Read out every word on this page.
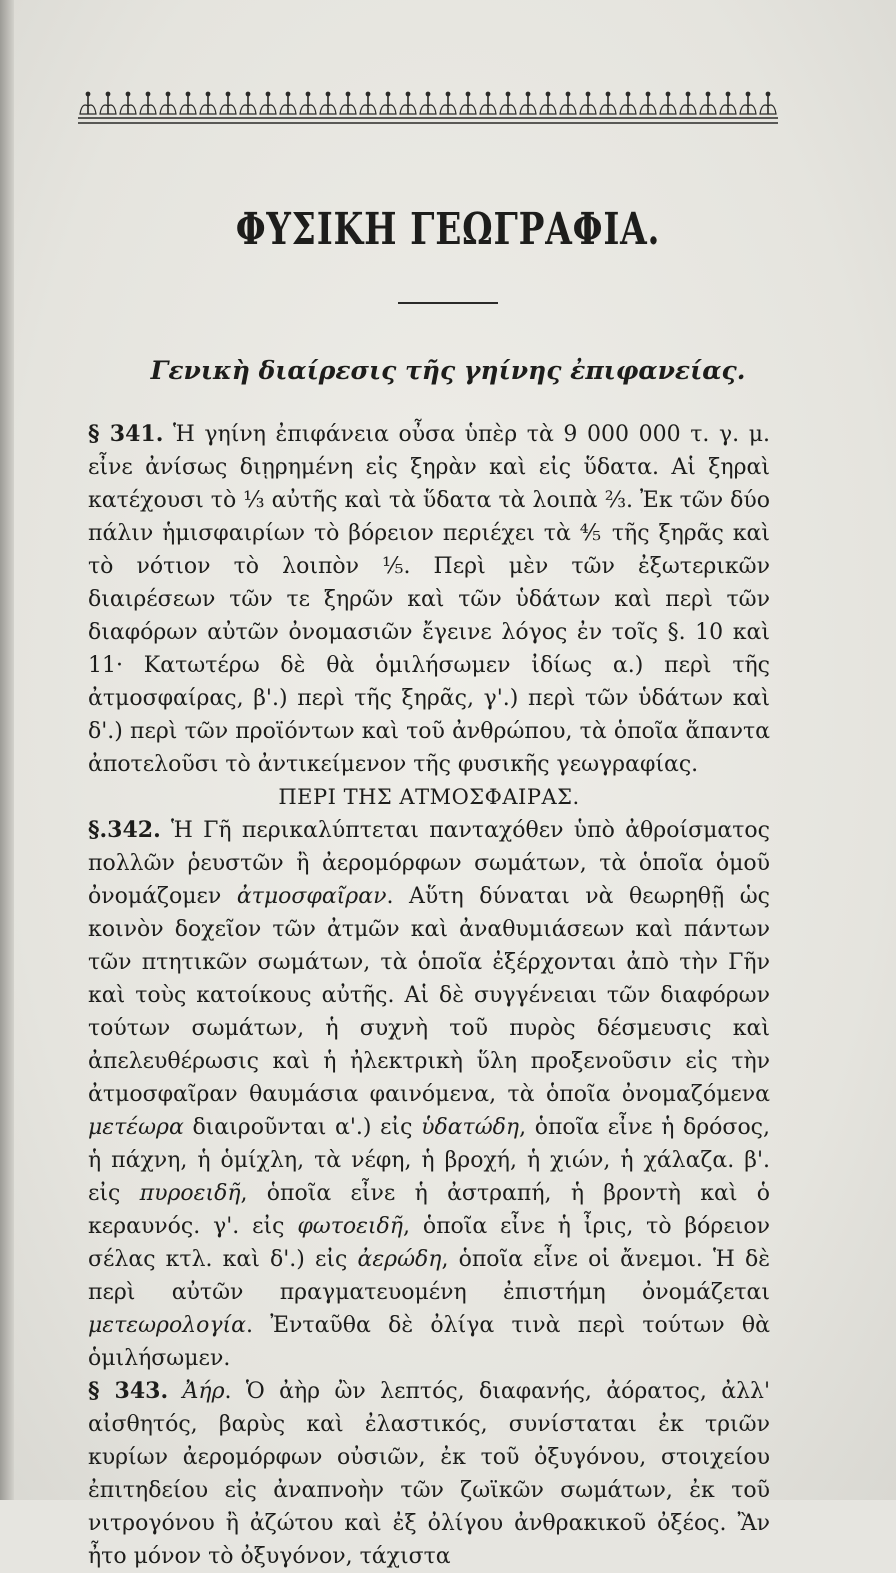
ΦΥΣΙΚΗ ΓΕΩΓΡΑΦΙΑ.
Γενικὴ διαίρεσις τῆς γηίνης ἐπιφανείας.

§ 341. Ἡ γηίνη ἐπιφάνεια οὖσα ὑπὲρ τὰ 9 000 000 τ. γ. μ. εἶνε ἀνίσως διῃρημένη εἰς ξηρὰν καὶ εἰς ὕδατα. Αἱ ξηραὶ κατέχουσι τὸ ⅓ αὐτῆς καὶ τὰ ὕδατα τὰ λοιπὰ ⅔. Ἐκ τῶν δύο πάλιν ἡμισφαιρίων τὸ βόρειον περιέχει τὰ ⅘ τῆς ξηρᾶς καὶ τὸ νότιον τὸ λοιπὸν ⅕. Περὶ μὲν τῶν ἐξωτερικῶν διαιρέσεων τῶν τε ξηρῶν καὶ τῶν ὑδάτων καὶ περὶ τῶν διαφόρων αὐτῶν ὀνομασιῶν ἔγεινε λόγος ἐν τοῖς §. 10 καὶ 11· Κατωτέρω δὲ θὰ ὁμιλήσωμεν ἰδίως α.) περὶ τῆς ἀτμοσφαίρας, β'.) περὶ τῆς ξηρᾶς, γ'.) περὶ τῶν ὑδάτων καὶ δ'.) περὶ τῶν προϊόντων καὶ τοῦ ἀνθρώπου, τὰ ὁποῖα ἅπαντα ἀποτελοῦσι τὸ ἀντικείμενον τῆς φυσικῆς γεωγραφίας.

ΠΕΡΙ ΤΗΣ ΑΤΜΟΣΦΑΙΡΑΣ.

§.342. Ἡ Γῆ περικαλύπτεται πανταχόθεν ὑπὸ ἀθροίσματος πολλῶν ῥευστῶν ἢ ἀερομόρφων σωμάτων, τὰ ὁποῖα ὁμοῦ ὀνομάζομεν ἀτμοσφαῖραν. Αὕτη δύναται νὰ θεωρηθῇ ὡς κοινὸν δοχεῖον τῶν ἀτμῶν καὶ ἀναθυμιάσεων καὶ πάντων τῶν πτητικῶν σωμάτων, τὰ ὁποῖα ἐξέρχονται ἀπὸ τὴν Γῆν καὶ τοὺς κατοίκους αὐτῆς. Αἱ δὲ συγγένειαι τῶν διαφόρων τούτων σωμάτων, ἡ συχνὴ τοῦ πυρὸς δέσμευσις καὶ ἀπελευθέρωσις καὶ ἡ ἠλεκτρικὴ ὕλη προξενοῦσιν εἰς τὴν ἀτμοσφαῖραν θαυμάσια φαινόμενα, τὰ ὁποῖα ὀνομαζόμενα μετέωρα διαιροῦνται α'.) εἰς ὑδατώδη, ὁποῖα εἶνε ἡ δρόσος, ἡ πάχνη, ἡ ὁμίχλη, τὰ νέφη, ἡ βροχή, ἡ χιών, ἡ χάλαζα. β'. εἰς πυροειδῆ, ὁποῖα εἶνε ἡ ἀστραπή, ἡ βροντὴ καὶ ὁ κεραυνός. γ'. εἰς φωτοειδῆ, ὁποῖα εἶνε ἡ ἶρις, τὸ βόρειον σέλας κτλ. καὶ δ'.) εἰς ἀερώδη, ὁποῖα εἶνε οἱ ἄνεμοι. Ἡ δὲ περὶ αὐτῶν πραγματευομένη ἐπιστήμη ὀνομάζεται μετεωρολογία. Ἐνταῦθα δὲ ὀλίγα τινὰ περὶ τούτων θὰ ὁμιλήσωμεν.

§ 343. Ἀήρ. Ὁ ἀὴρ ὢν λεπτός, διαφανής, ἀόρατος, ἀλλ' αἰσθητός, βαρὺς καὶ ἐλαστικός, συνίσταται ἐκ τριῶν κυρίων ἀερομόρφων οὐσιῶν, ἐκ τοῦ ὀξυγόνου, στοιχείου ἐπιτηδείου εἰς ἀναπνοὴν τῶν ζωϊκῶν σωμάτων, ἐκ τοῦ νιτρογόνου ἢ ἀζώτου καὶ ἐξ ὀλίγου ἀνθρακικοῦ ὀξέος. Ἂν ἦτο μόνον τὸ ὀξυγόνον, τάχιστα
